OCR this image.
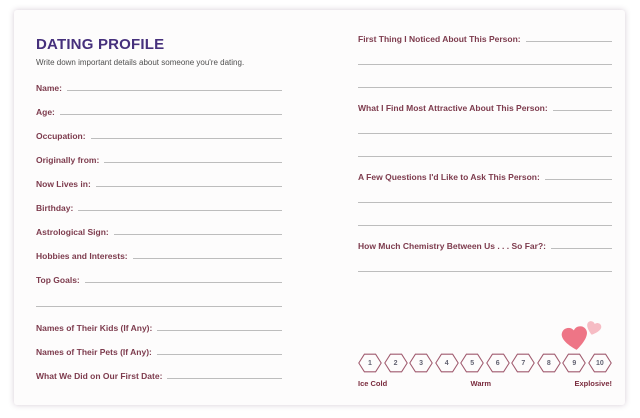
DATING PROFILE
Write down important details about someone you're dating.
Name:
Age:
Occupation:
Originally from:
Now Lives in:
Birthday:
Astrological Sign:
Hobbies and Interests:
Top Goals:
Names of Their Kids (If Any):
Names of Their Pets (If Any):
What We Did on Our First Date:
First Thing I Noticed About This Person:
What I Find Most Attractive About This Person:
A Few Questions I'd Like to Ask This Person:
How Much Chemistry Between Us . . . So Far?:
1	2	3	4	5	6	7	8	9	10
Ice Cold	Warm	Explosive!
